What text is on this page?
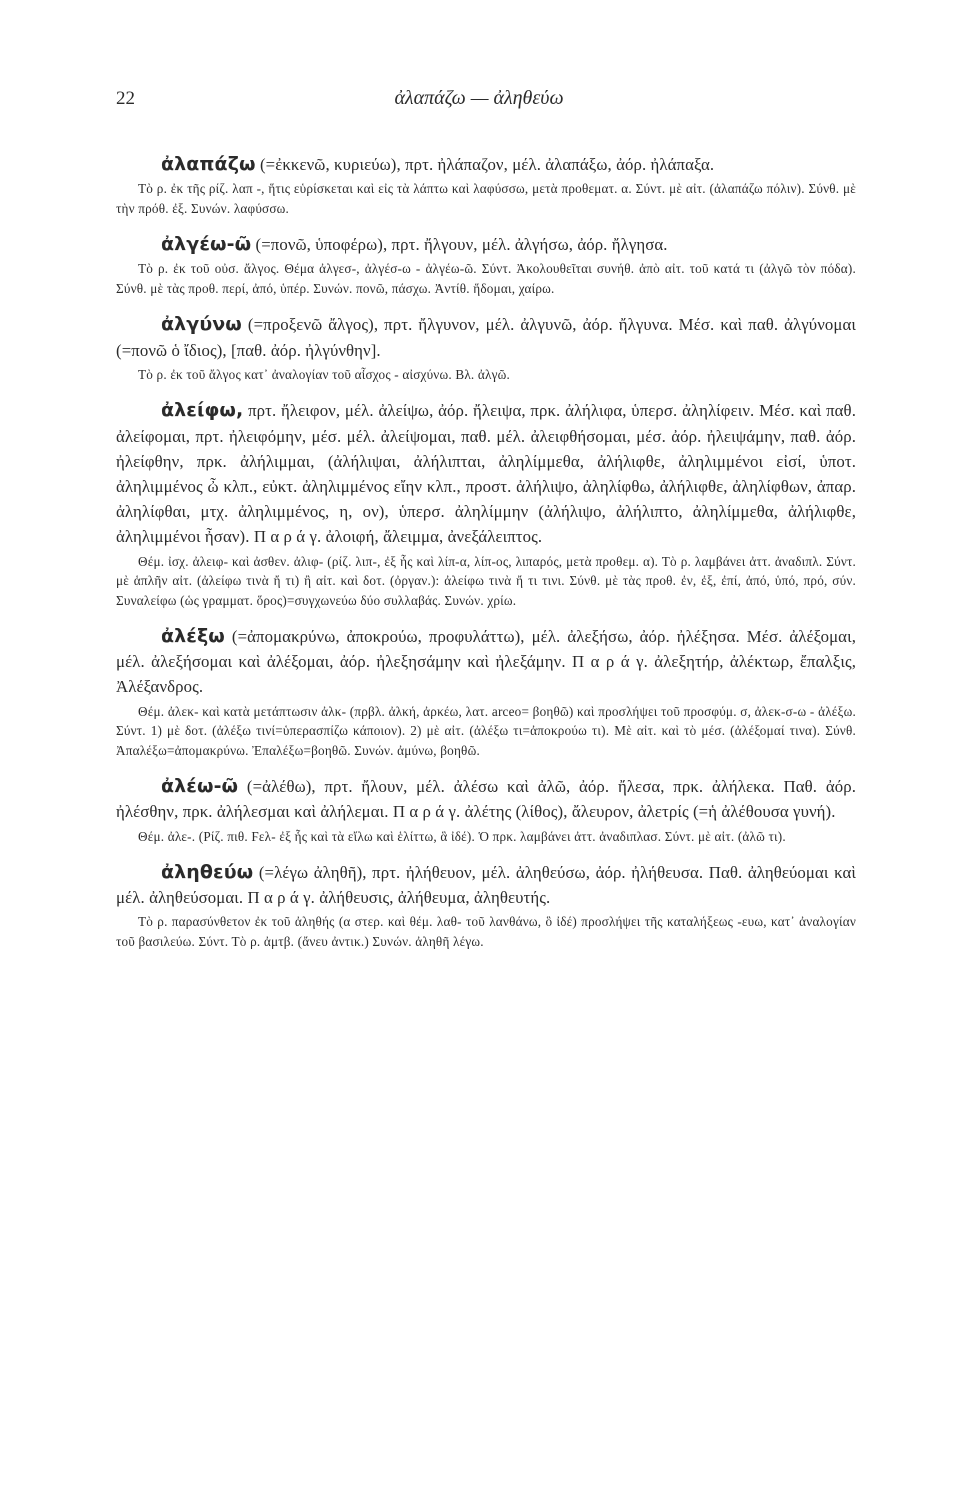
22	ἀλαπάζω — ἀληθεύω

ἀλαπάζω (=ἐκκενῶ, κυριεύω), πρτ. ἠλάπαζον, μέλ. ἀλαπάξω, ἀόρ. ἠλάπαξα.

Τὸ ρ. ἐκ τῆς ρίζ. λαπ -, ἥτις εὑρίσκεται καὶ εἰς τὰ λάπτω καὶ λαφύσσω, μετὰ προθεματ. α. Σύντ. μὲ αἰτ. (ἀλαπάζω πόλιν). Σύνθ. μὲ τὴν πρόθ. ἐξ. Συνών. λαφύσσω.

ἀλγέω-ῶ (=πονῶ, ὑποφέρω), πρτ. ἤλγουν, μέλ. ἀλγήσω, ἀόρ. ἤλγησα.

Τὸ ρ. ἐκ τοῦ οὐσ. ἄλγος. Θέμα ἀλγεσ-, ἀλγέσ-ω - ἀλγέω-ῶ. Σύντ. Ἀκολουθεῖται συνήθ. ἀπὸ αἰτ. τοῦ κατά τι (ἀλγῶ τὸν πόδα). Σύνθ. μὲ τὰς προθ. περί, ἀπό, ὑπέρ. Συνών. πονῶ, πάσχω. Ἀντίθ. ἥδομαι, χαίρω.

ἀλγύνω (=προξενῶ ἄλγος), πρτ. ἤλγυνον, μέλ. ἀλγυνῶ, ἀόρ. ἤλγυνα. Μέσ. καὶ παθ. ἀλγύνομαι (=πονῶ ὁ ἴδιος), [παθ. ἀόρ. ἠλγύνθην].

Τὸ ρ. ἐκ τοῦ ἄλγος κατ᾽ ἀναλογίαν τοῦ αἶσχος - αἰσχύνω. Βλ. ἀλγῶ.

ἀλείφω, πρτ. ἤλειφον, μέλ. ἀλείψω, ἀόρ. ἤλειψα, πρκ. ἀλήλιφα, ὑπερσ. ἀληλίφειν. Μέσ. καὶ παθ. ἀλείφομαι, πρτ. ἠλειφόμην, μέσ. μέλ. ἀλείψομαι, παθ. μέλ. ἀλειφθήσομαι, μέσ. ἀόρ. ἠλειψάμην, παθ. ἀόρ. ἠλείφθην, πρκ. ἀλήλιμμαι, (ἀλήλιψαι, ἀλήλιπται, ἀληλίμμεθα, ἀλήλιφθε, ἀληλιμμένοι εἰσί, ὑποτ. ἀληλιμμένος ὦ κλπ., εὐκτ. ἀληλιμμένος εἴην κλπ., προστ. ἀλήλιψο, ἀληλίφθω, ἀλήλιφθε, ἀληλίφθων, ἀπαρ. ἀληλίφθαι, μτχ. ἀληλιμμένος, η, ον), ὑπερσ. ἀληλίμμην (ἀλήλιψο, ἀλήλιπτο, ἀληλίμμεθα, ἀλήλιφθε, ἀληλιμμένοι ἦσαν). Π α ρ ά γ. ἀλοιφή, ἄλειμμα, ἀνεξάλειπτος.

Θέμ. ἰσχ. ἀλειφ- καὶ ἀσθεν. ἀλιφ- (ρίζ. λιπ-, ἐξ ἧς καὶ λίπ-α, λίπ-ος, λιπαρός, μετὰ προθεμ. α). Τὸ ρ. λαμβάνει ἀττ. ἀναδιπλ. Σύντ. μὲ ἁπλῆν αἰτ. (ἀλείφω τινὰ ἤ τι) ἢ αἰτ. καὶ δοτ. (ὀργαν.): ἀλείφω τινὰ ἤ τι τινι. Σύνθ. μὲ τὰς προθ. ἐν, ἐξ, ἐπί, ἀπό, ὑπό, πρό, σύν. Συναλείφω (ὡς γραμματ. ὅρος)=συγχωνεύω δύο συλλαβάς. Συνών. χρίω.

ἀλέξω (=ἀπομακρύνω, ἀποκρούω, προφυλάττω), μέλ. ἀλεξήσω, ἀόρ. ἠλέξησα. Μέσ. ἀλέξομαι, μέλ. ἀλεξήσομαι καὶ ἀλέξομαι, ἀόρ. ἠλεξησάμην καὶ ἠλεξάμην. Π α ρ ά γ. ἀλεξητήρ, ἀλέκτωρ, ἔπαλξις, Ἀλέξανδρος.

Θέμ. ἀλεκ- καὶ κατὰ μετάπτωσιν ἀλκ- (πρβλ. ἀλκή, ἀρκέω, λατ. arceo= βοηθῶ) καὶ προσλήψει τοῦ προσφύμ. σ, ἀλεκ-σ-ω - ἀλέξω. Σύντ. 1) μὲ δοτ. (ἀλέξω τινί=ὑπερασπίζω κάποιον). 2) μὲ αἰτ. (ἀλέξω τι=ἀποκρούω τι). Μὲ αἰτ. καὶ τὸ μέσ. (ἀλέξομαί τινα). Σύνθ. Ἀπαλέξω=ἀπομακρύνω. Ἐπαλέξω=βοηθῶ. Συνών. ἀμύνω, βοηθῶ.

ἀλέω-ῶ (=ἀλέθω), πρτ. ἤλουν, μέλ. ἀλέσω καὶ ἀλῶ, ἀόρ. ἤλεσα, πρκ. ἀλήλεκα. Παθ. ἀόρ. ἠλέσθην, πρκ. ἀλήλεσμαι καὶ ἀλήλεμαι. Π α ρ ά γ. ἀλέτης (λίθος), ἄλευρον, ἀλετρίς (=ἡ ἀλέθουσα γυνή).

Θέμ. ἀλε-. (Ρίζ. πιθ. Ϝελ- ἐξ ἧς καὶ τὰ εἴλω καὶ ἑλίττω, ἃ ἰδέ). Ὁ πρκ. λαμβάνει ἀττ. ἀναδιπλασ. Σύντ. μὲ αἰτ. (ἀλῶ τι).

ἀληθεύω (=λέγω ἀληθῆ), πρτ. ἠλήθευον, μέλ. ἀληθεύσω, ἀόρ. ἠλήθευσα. Παθ. ἀληθεύομαι καὶ μέλ. ἀληθεύσομαι. Π α ρ ά γ. ἀλήθευσις, ἀλήθευμα, ἀληθευτής.

Τὸ ρ. παρασύνθετον ἐκ τοῦ ἀληθής (α στερ. καὶ θέμ. λαθ- τοῦ λανθάνω, ὃ ἰδέ) προσλήψει τῆς καταλήξεως -ευω, κατ᾽ ἀναλογίαν τοῦ βασιλεύω. Σύντ. Τὸ ρ. ἀμτβ. (ἄνευ ἀντικ.) Συνών. ἀληθῆ λέγω.
